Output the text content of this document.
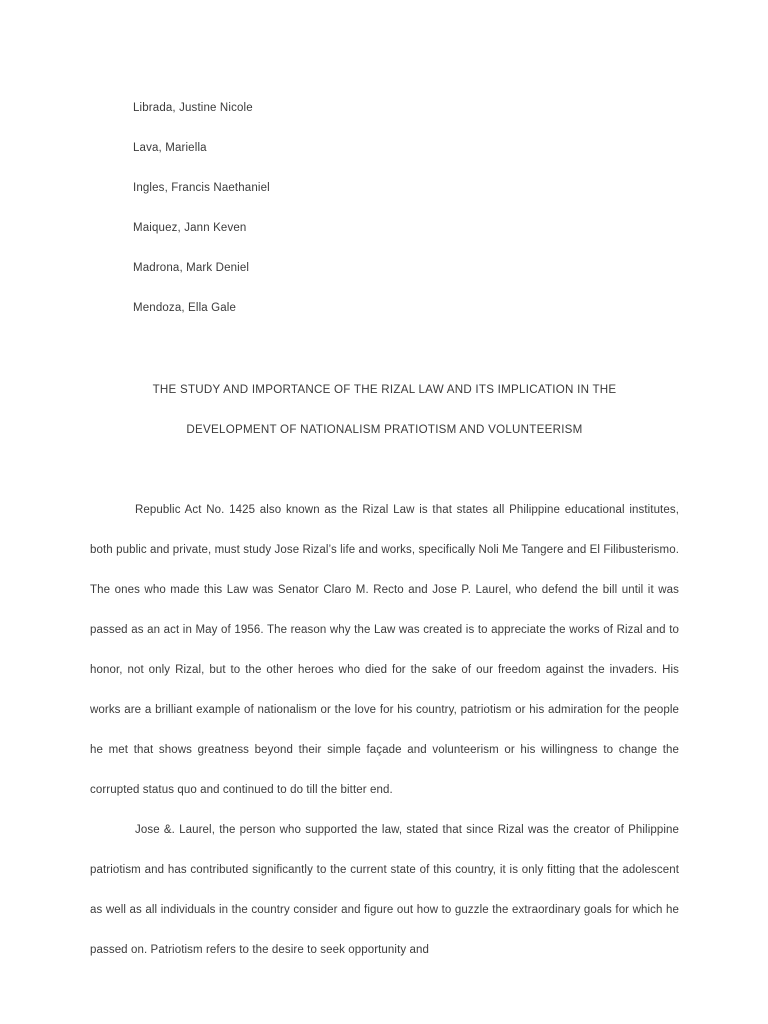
Librada, Justine Nicole
Lava, Mariella
Ingles, Francis Naethaniel
Maiquez, Jann Keven
Madrona, Mark Deniel
Mendoza, Ella Gale
THE STUDY AND IMPORTANCE OF THE RIZAL LAW AND ITS IMPLICATION IN THE
DEVELOPMENT OF NATIONALISM PRATIOTISM AND VOLUNTEERISM

Republic Act No. 1425 also known as the Rizal Law is that states all Philippine educational institutes, both public and private, must study Jose Rizal’s life and works, specifically Noli Me Tangere and El Filibusterismo. The ones who made this Law was Senator Claro M. Recto and Jose P. Laurel, who defend the bill until it was passed as an act in May of 1956. The reason why the Law was created is to appreciate the works of Rizal and to honor, not only Rizal, but to the other heroes who died for the sake of our freedom against the invaders. His works are a brilliant example of nationalism or the love for his country, patriotism or his admiration for the people he met that shows greatness beyond their simple façade and volunteerism or his willingness to change the corrupted status quo and continued to do till the bitter end.

Jose &. Laurel, the person who supported the law, stated that since Rizal was the creator of Philippine patriotism and has contributed significantly to the current state of this country, it is only fitting that the adolescent as well as all individuals in the country consider and figure out how to guzzle the extraordinary goals for which he passed on. Patriotism refers to the desire to seek opportunity and
